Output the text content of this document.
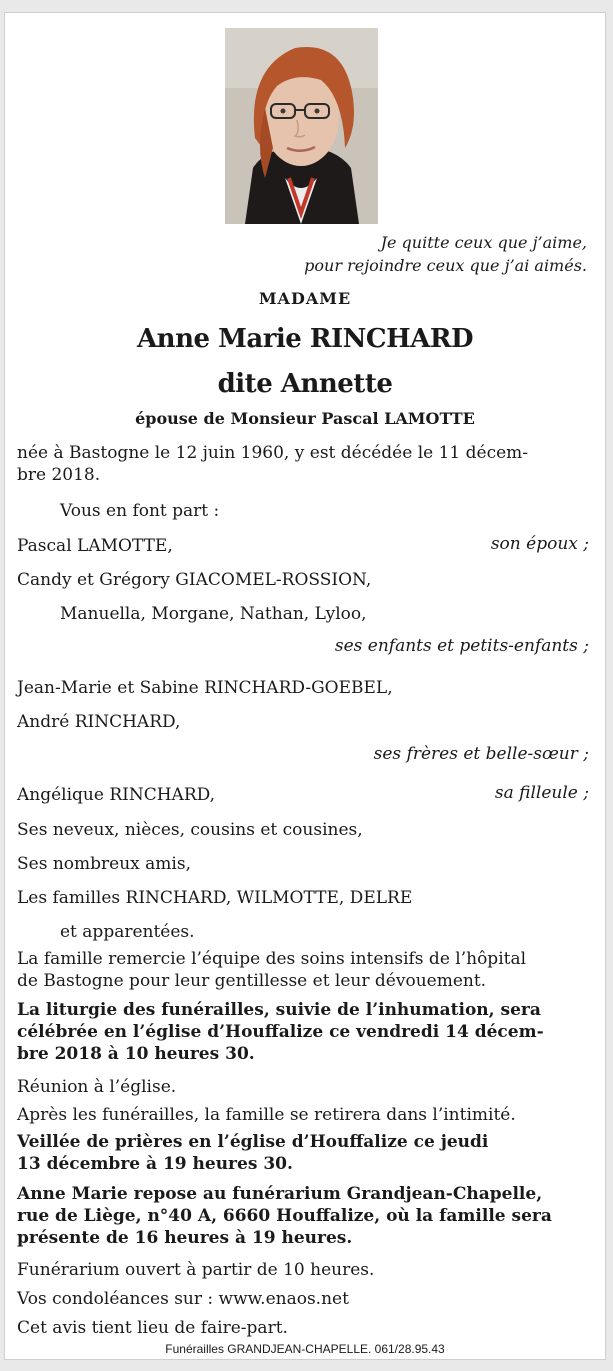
Je quitte ceux que j’aime,
pour rejoindre ceux que j’ai aimés.
MADAME
Anne Marie RINCHARD
dite Annette
épouse de Monsieur Pascal LAMOTTE
née à Bastogne le 12 juin 1960, y est décédée le 11 décem-
bre 2018.
Vous en font part :
Pascal LAMOTTE,	son époux ;
Candy et Grégory GIACOMEL-ROSSION,
Manuella, Morgane, Nathan, Lyloo,
ses enfants et petits-enfants ;
Jean-Marie et Sabine RINCHARD-GOEBEL,
André RINCHARD,
ses frères et belle-sœur ;
Angélique RINCHARD,	sa filleule ;
Ses neveux, nièces, cousins et cousines,
Ses nombreux amis,
Les familles RINCHARD, WILMOTTE, DELRE
et apparentées.
La famille remercie l’équipe des soins intensifs de l’hôpital
de Bastogne pour leur gentillesse et leur dévouement.
La liturgie des funérailles, suivie de l’inhumation, sera
célébrée en l’église d’Houffalize ce vendredi 14 décem-
bre 2018 à 10 heures 30.
Réunion à l’église.
Après les funérailles, la famille se retirera dans l’intimité.
Veillée de prières en l’église d’Houffalize ce jeudi
13 décembre à 19 heures 30.
Anne Marie repose au funérarium Grandjean-Chapelle,
rue de Liège, n°40 A, 6660 Houffalize, où la famille sera
présente de 16 heures à 19 heures.
Funérarium ouvert à partir de 10 heures.
Vos condoléances sur : www.enaos.net
Cet avis tient lieu de faire-part.
Funérailles GRANDJEAN-CHAPELLE. 061/28.95.43
